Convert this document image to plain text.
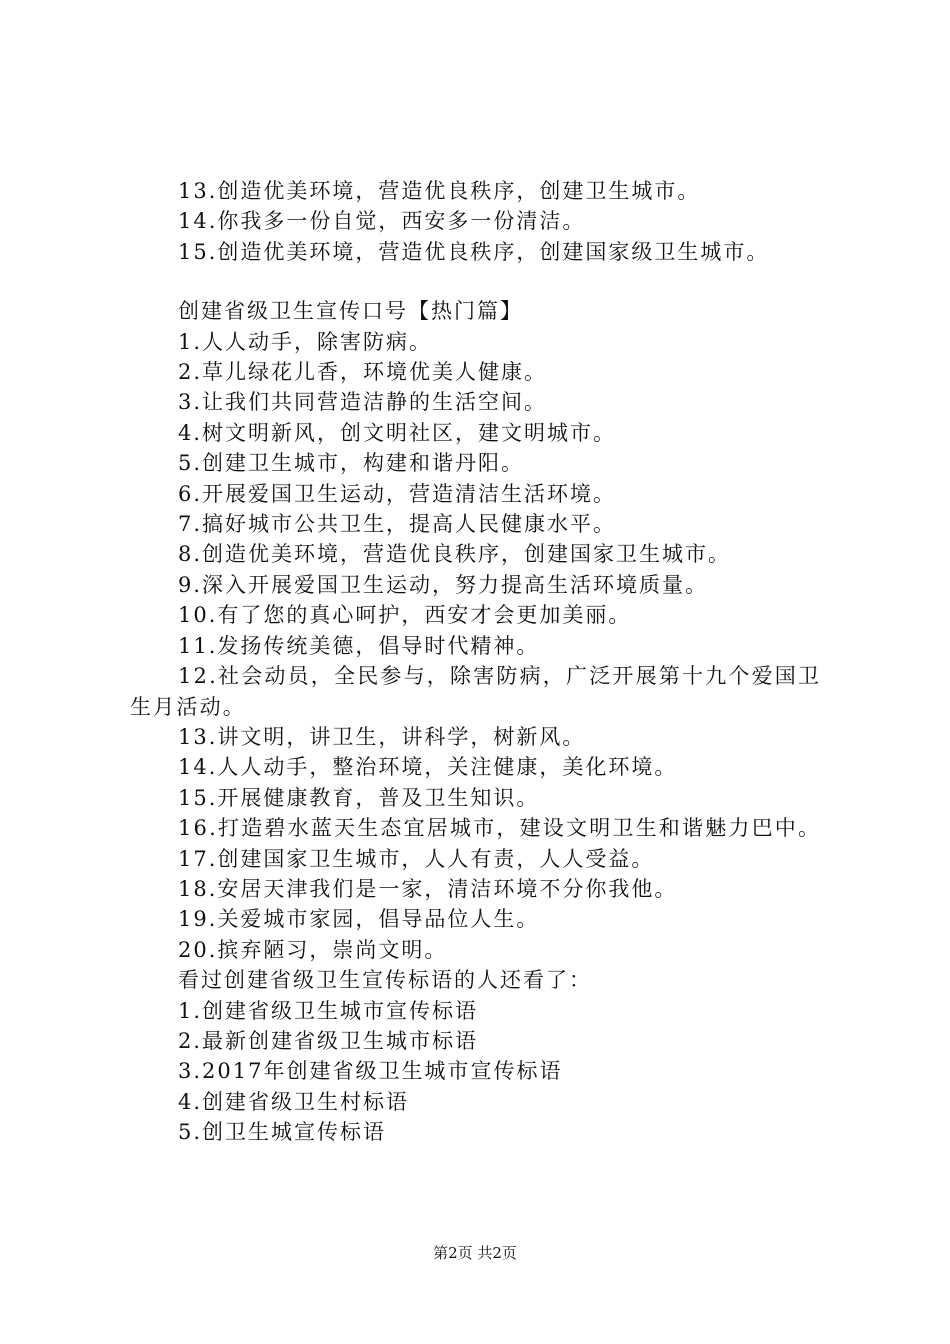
13.创造优美环境，营造优良秩序，创建卫生城市。

14.你我多一份自觉，西安多一份清洁。

15.创造优美环境，营造优良秩序，创建国家级卫生城市。

创建省级卫生宣传口号【热门篇】

1.人人动手，除害防病。

2.草儿绿花儿香，环境优美人健康。

3.让我们共同营造洁静的生活空间。

4.树文明新风，创文明社区，建文明城市。

5.创建卫生城市，构建和谐丹阳。

6.开展爱国卫生运动，营造清洁生活环境。

7.搞好城市公共卫生，提高人民健康水平。

8.创造优美环境，营造优良秩序，创建国家卫生城市。

9.深入开展爱国卫生运动，努力提高生活环境质量。

10.有了您的真心呵护，西安才会更加美丽。

11.发扬传统美德，倡导时代精神。

12.社会动员，全民参与，除害防病，广泛开展第十九个爱国卫生月活动。

13.讲文明，讲卫生，讲科学，树新风。

14.人人动手，整治环境，关注健康，美化环境。

15.开展健康教育，普及卫生知识。

16.打造碧水蓝天生态宜居城市，建设文明卫生和谐魅力巴中。

17.创建国家卫生城市，人人有责，人人受益。

18.安居天津我们是一家，清洁环境不分你我他。

19.关爱城市家园，倡导品位人生。

20.摈弃陋习，崇尚文明。

看过创建省级卫生宣传标语的人还看了：

1.创建省级卫生城市宣传标语

2.最新创建省级卫生城市标语

3.2017年创建省级卫生城市宣传标语

4.创建省级卫生村标语

5.创卫生城宣传标语

第2页 共2页
